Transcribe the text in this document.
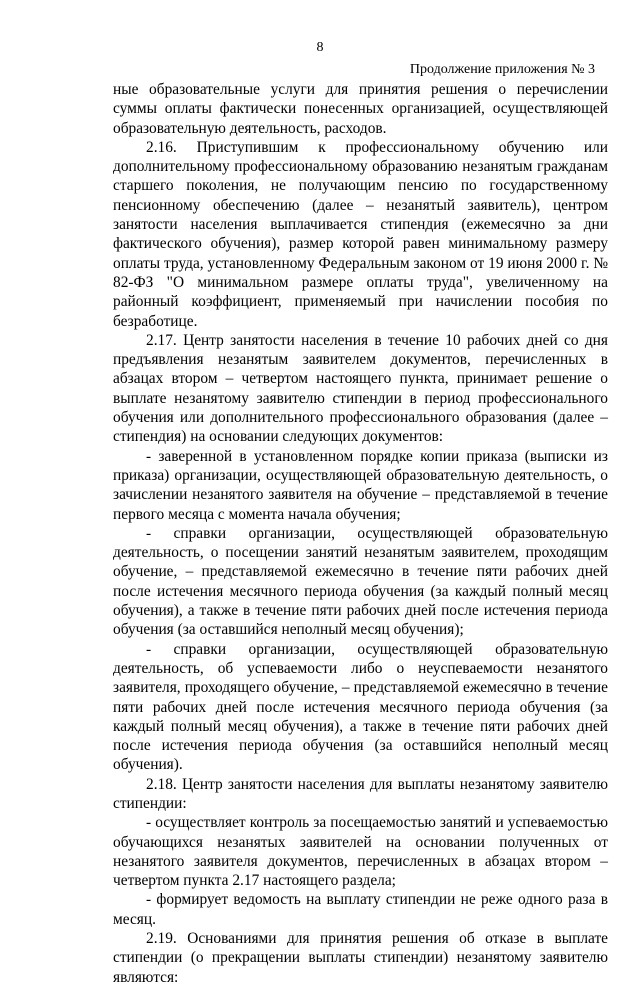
8
Продолжение приложения № 3

ные образовательные услуги для принятия решения о перечислении суммы оплаты фактически понесенных организацией, осуществляющей образовательную деятельность, расходов.

2.16. Приступившим к профессиональному обучению или дополнительному профессиональному образованию незанятым гражданам старшего поколения, не получающим пенсию по государственному пенсионному обеспечению (далее – незанятый заявитель), центром занятости населения выплачивается стипендия (ежемесячно за дни фактического обучения), размер которой равен минимальному размеру оплаты труда, установленному Федеральным законом от 19 июня 2000 г. № 82-ФЗ "О минимальном размере оплаты труда", увеличенному на районный коэффициент, применяемый при начислении пособия по безработице.

2.17. Центр занятости населения в течение 10 рабочих дней со дня предъявления незанятым заявителем документов, перечисленных в абзацах втором – четвертом настоящего пункта, принимает решение о выплате незанятому заявителю стипендии в период профессионального обучения или дополнительного профессионального образования (далее – стипендия) на основании следующих документов:

- заверенной в установленном порядке копии приказа (выписки из приказа) организации, осуществляющей образовательную деятельность, о зачислении незанятого заявителя на обучение – представляемой в течение первого месяца с момента начала обучения;

- справки организации, осуществляющей образовательную деятельность, о посещении занятий незанятым заявителем, проходящим обучение, – представляемой ежемесячно в течение пяти рабочих дней после истечения месячного периода обучения (за каждый полный месяц обучения), а также в течение пяти рабочих дней после истечения периода обучения (за оставшийся неполный месяц обучения);

- справки организации, осуществляющей образовательную деятельность, об успеваемости либо о неуспеваемости незанятого заявителя, проходящего обучение, – представляемой ежемесячно в течение пяти рабочих дней после истечения месячного периода обучения (за каждый полный месяц обучения), а также в течение пяти рабочих дней после истечения периода обучения (за оставшийся неполный месяц обучения).

2.18. Центр занятости населения для выплаты незанятому заявителю стипендии:

- осуществляет контроль за посещаемостью занятий и успеваемостью обучающихся незанятых заявителей на основании полученных от незанятого заявителя документов, перечисленных в абзацах втором – четвертом пункта 2.17 настоящего раздела;

- формирует ведомость на выплату стипендии не реже одного раза в месяц.

2.19. Основаниями для принятия решения об отказе в выплате стипендии (о прекращении выплаты стипендии) незанятому заявителю являются:
